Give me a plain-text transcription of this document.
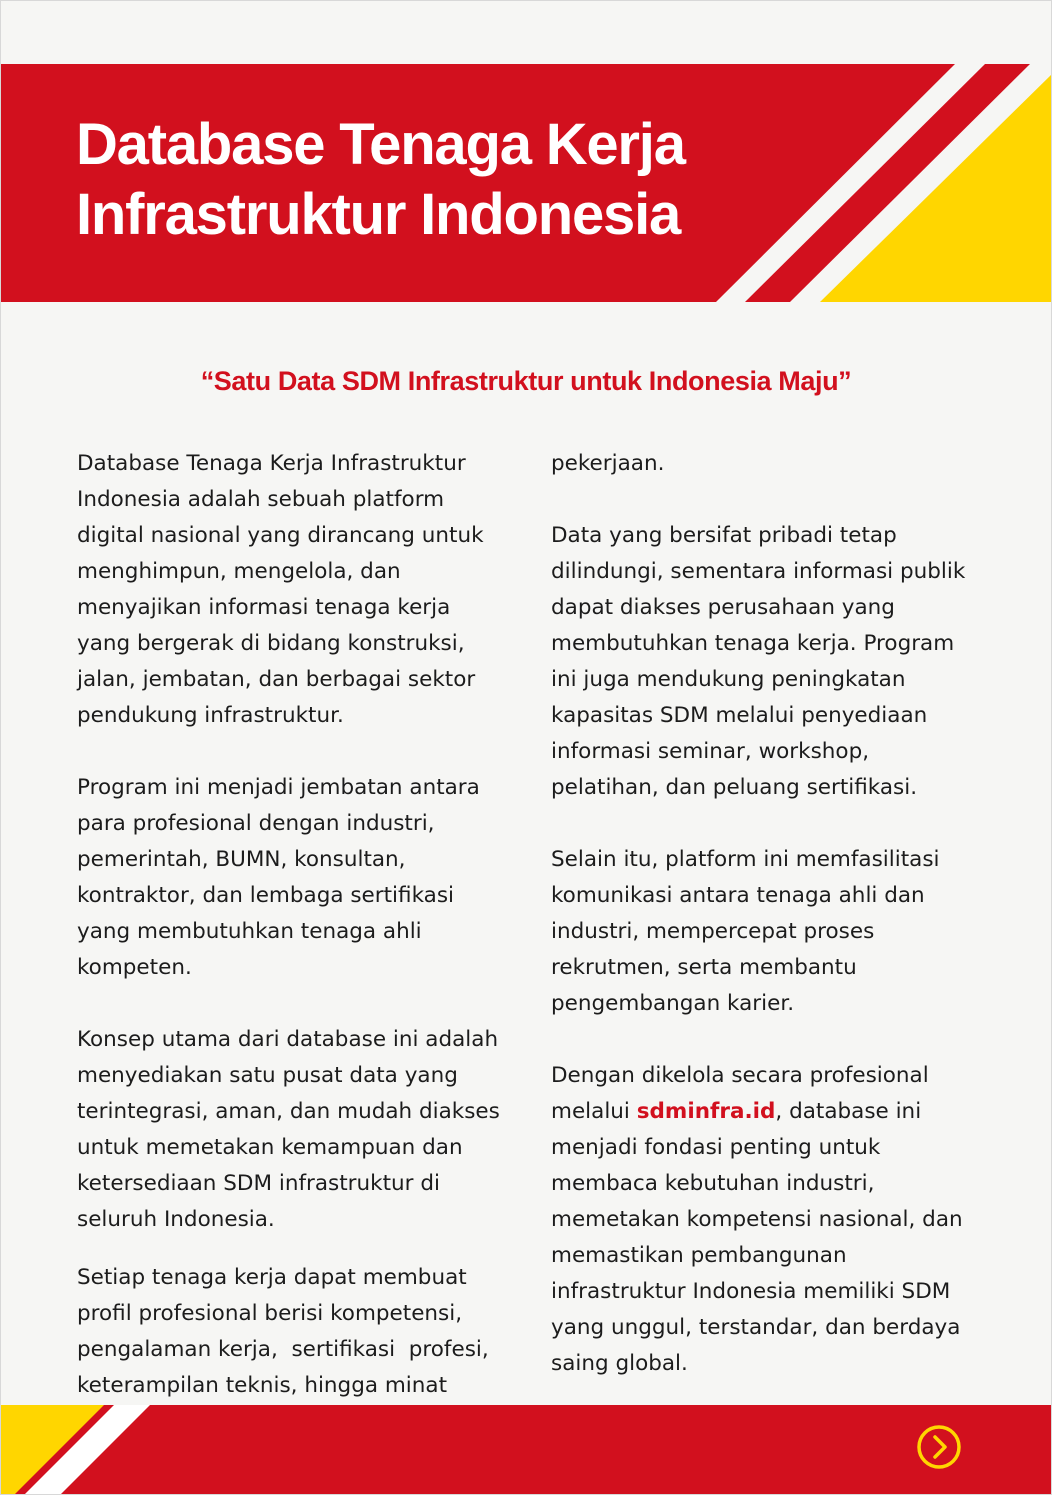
Database Tenaga Kerja
Infrastruktur Indonesia
“Satu Data SDM Infrastruktur untuk Indonesia Maju”

Database Tenaga Kerja Infrastruktur
Indonesia adalah sebuah platform
digital nasional yang dirancang untuk
menghimpun, mengelola, dan
menyajikan informasi tenaga kerja
yang bergerak di bidang konstruksi,
jalan, jembatan, dan berbagai sektor
pendukung infrastruktur.

Program ini menjadi jembatan antara
para profesional dengan industri,
pemerintah, BUMN, konsultan,
kontraktor, dan lembaga sertifikasi
yang membutuhkan tenaga ahli
kompeten.

Konsep utama dari database ini adalah
menyediakan satu pusat data yang
terintegrasi, aman, dan mudah diakses
untuk memetakan kemampuan dan
ketersediaan SDM infrastruktur di
seluruh Indonesia.

Setiap tenaga kerja dapat membuat
profil profesional berisi kompetensi,
pengalaman kerja,  sertifikasi  profesi,
keterampilan teknis, hingga minat

pekerjaan.

Data yang bersifat pribadi tetap
dilindungi, sementara informasi publik
dapat diakses perusahaan yang
membutuhkan tenaga kerja. Program
ini juga mendukung peningkatan
kapasitas SDM melalui penyediaan
informasi seminar, workshop,
pelatihan, dan peluang sertifikasi.

Selain itu, platform ini memfasilitasi
komunikasi antara tenaga ahli dan
industri, mempercepat proses
rekrutmen, serta membantu
pengembangan karier.

Dengan dikelola secara profesional
melalui sdminfra.id, database ini
menjadi fondasi penting untuk
membaca kebutuhan industri,
memetakan kompetensi nasional, dan
memastikan pembangunan
infrastruktur Indonesia memiliki SDM
yang unggul, terstandar, dan berdaya
saing global.
